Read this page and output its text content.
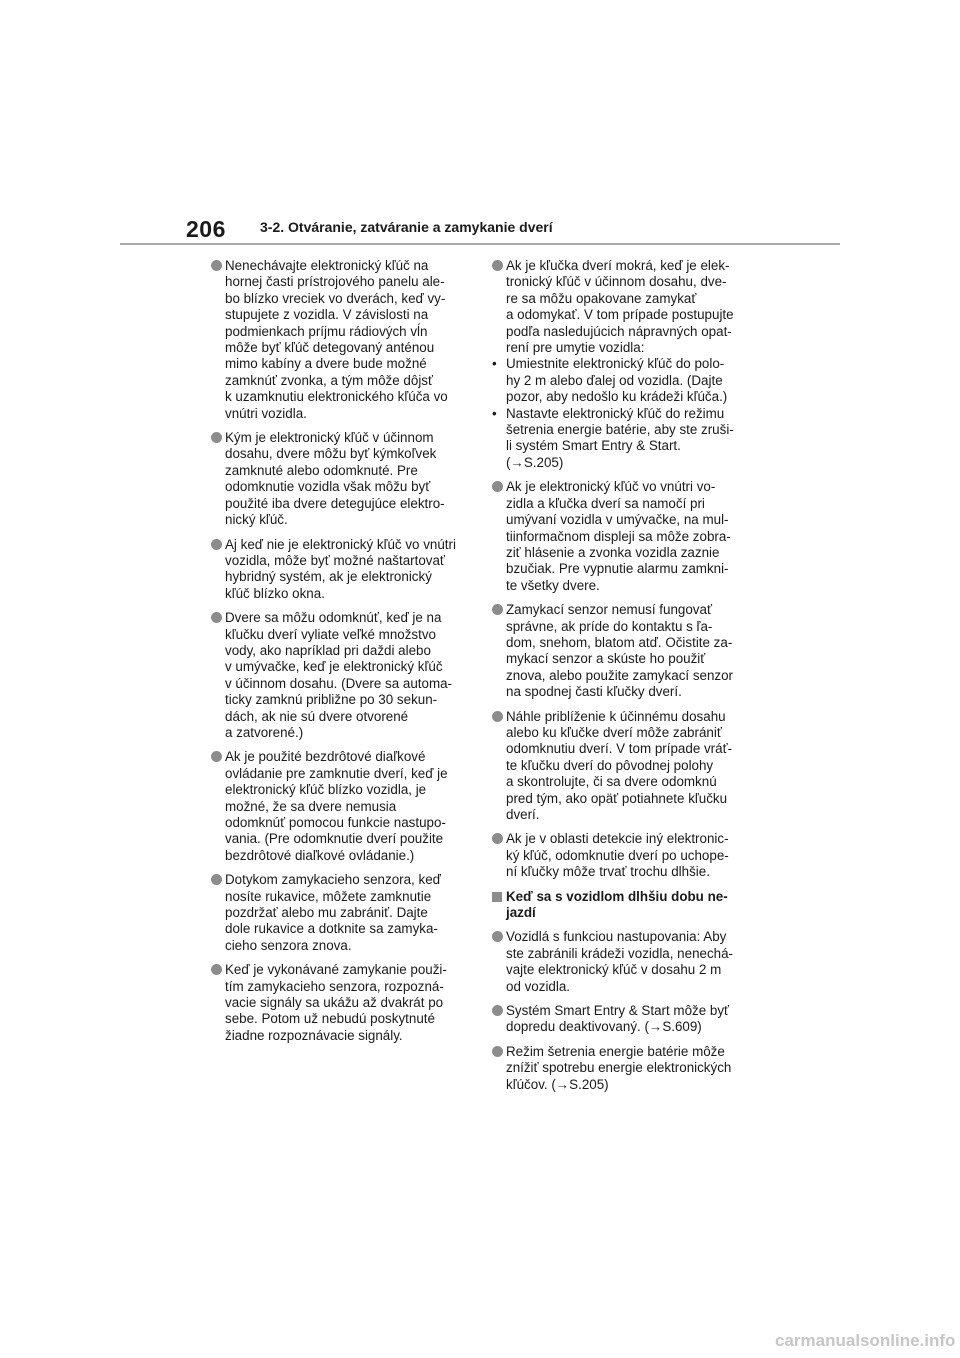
206 3-2. Otváranie, zatváranie a zamykanie dverí
Nenechávajte elektronický kľúč na
hornej časti prístrojového panelu ale-
bo blízko vreciek vo dverách, keď vy-
stupujete z vozidla. V závislosti na
podmienkach príjmu rádiových vĺn
môže byť kľúč detegovaný anténou
mimo kabíny a dvere bude možné
zamknúť zvonka, a tým môže dôjsť
k uzamknutiu elektronického kľúča vo
vnútri vozidla.
Kým je elektronický kľúč v účinnom
dosahu, dvere môžu byť kýmkoľvek
zamknuté alebo odomknuté. Pre
odomknutie vozidla však môžu byť
použité iba dvere detegujúce elektro-
nický kľúč.
Aj keď nie je elektronický kľúč vo vnútri
vozidla, môže byť možné naštartovať
hybridný systém, ak je elektronický
kľúč blízko okna.
Dvere sa môžu odomknúť, keď je na
kľučku dverí vyliate veľké množstvo
vody, ako napríklad pri daždi alebo
v umývačke, keď je elektronický kľúč
v účinnom dosahu. (Dvere sa automa-
ticky zamknú približne po 30 sekun-
dách, ak nie sú dvere otvorené
a zatvorené.)
Ak je použité bezdrôtové diaľkové
ovládanie pre zamknutie dverí, keď je
elektronický kľúč blízko vozidla, je
možné, že sa dvere nemusia
odomknúť pomocou funkcie nastupo-
vania. (Pre odomknutie dverí použite
bezdrôtové diaľkové ovládanie.)
Dotykom zamykacieho senzora, keď
nosíte rukavice, môžete zamknutie
pozdržať alebo mu zabrániť. Dajte
dole rukavice a dotknite sa zamyka-
cieho senzora znova.
Keď je vykonávané zamykanie použi-
tím zamykacieho senzora, rozpozná-
vacie signály sa ukážu až dvakrát po
sebe. Potom už nebudú poskytnuté
žiadne rozpoznávacie signály.
Ak je kľučka dverí mokrá, keď je elek-
tronický kľúč v účinnom dosahu, dve-
re sa môžu opakovane zamykať
a odomykať. V tom prípade postupujte
podľa nasledujúcich nápravných opat-
rení pre umytie vozidla:
• Umiestnite elektronický kľúč do polo-
hy 2 m alebo ďalej od vozidla. (Dajte
pozor, aby nedošlo ku krádeži kľúča.)
• Nastavte elektronický kľúč do režimu
šetrenia energie batérie, aby ste zruši-
li systém Smart Entry & Start.
(→S.205)
Ak je elektronický kľúč vo vnútri vo-
zidla a kľučka dverí sa namočí pri
umývaní vozidla v umývačke, na mul-
tiinformačnom displeji sa môže zobra-
ziť hlásenie a zvonka vozidla zaznie
bzučiak. Pre vypnutie alarmu zamkni-
te všetky dvere.
Zamykací senzor nemusí fungovať
správne, ak príde do kontaktu s ľa-
dom, snehom, blatom atď. Očistite za-
mykací senzor a skúste ho použiť
znova, alebo použite zamykací senzor
na spodnej časti kľučky dverí.
Náhle priblíženie k účinnému dosahu
alebo ku kľučke dverí môže zabrániť
odomknutiu dverí. V tom prípade vráť-
te kľučku dverí do pôvodnej polohy
a skontrolujte, či sa dvere odomknú
pred tým, ako opäť potiahnete kľučku
dverí.
Ak je v oblasti detekcie iný elektronic-
ký kľúč, odomknutie dverí po uchope-
ní kľučky môže trvať trochu dlhšie.
Keď sa s vozidlom dlhšiu dobu ne-
jazdí
Vozidlá s funkciou nastupovania: Aby
ste zabránili krádeži vozidla, nenechá-
vajte elektronický kľúč v dosahu 2 m
od vozidla.
Systém Smart Entry & Start môže byť
dopredu deaktivovaný. (→S.609)
Režim šetrenia energie batérie môže
znížiť spotrebu energie elektronických
kľúčov. (→S.205)
carmanualsonline.info
